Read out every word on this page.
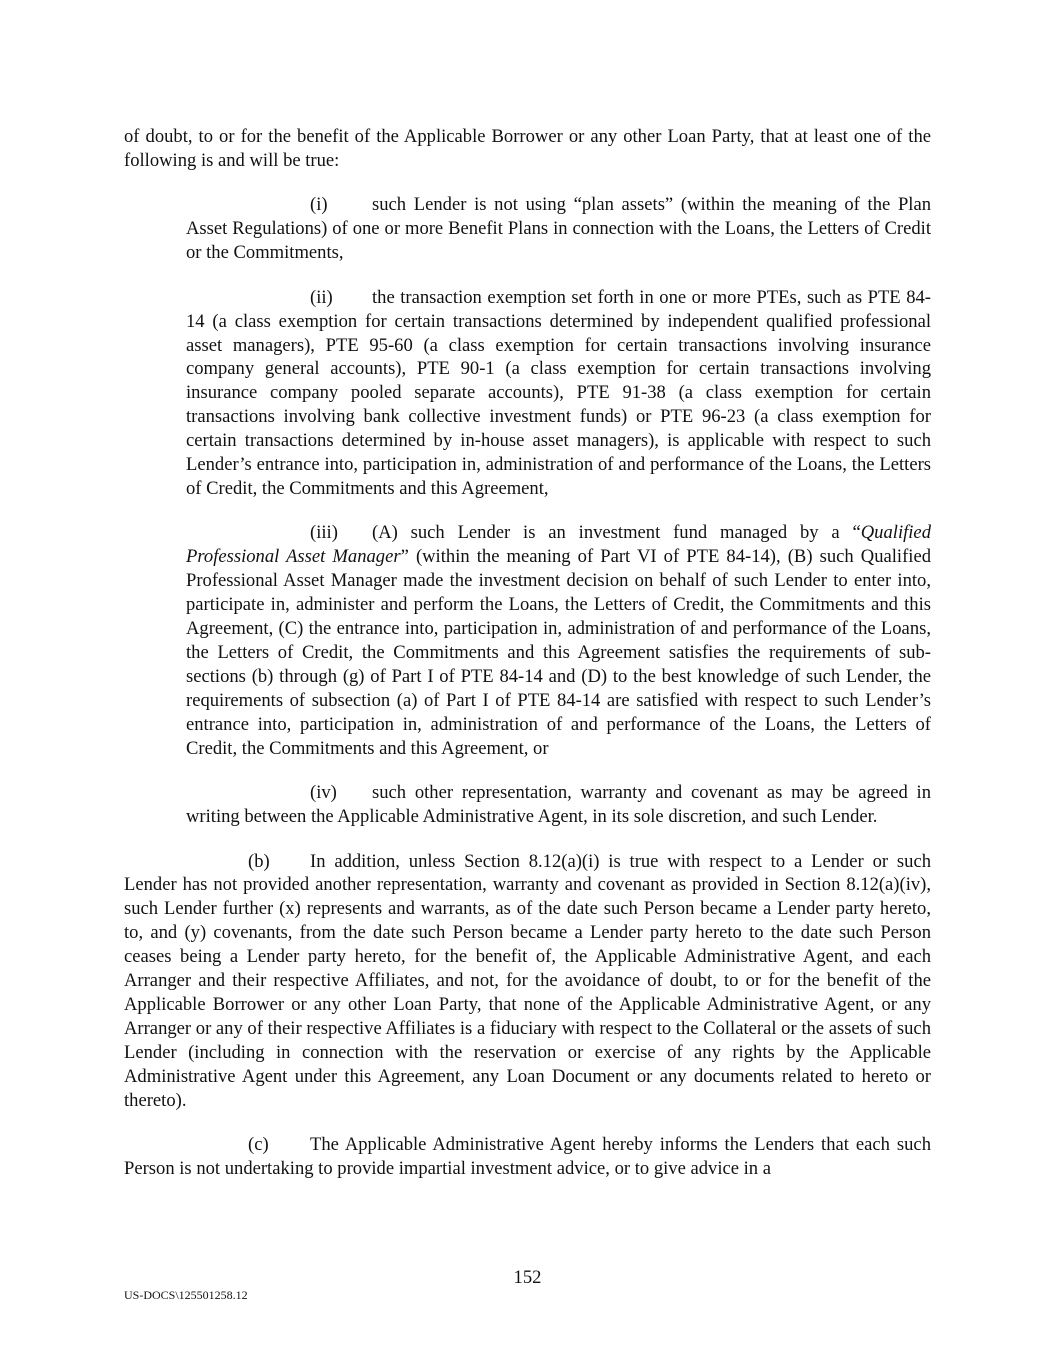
of doubt, to or for the benefit of the Applicable Borrower or any other Loan Party, that at least one of the following is and will be true:

(i) such Lender is not using “plan assets” (within the meaning of the Plan Asset Regulations) of one or more Benefit Plans in connection with the Loans, the Letters of Credit or the Commitments,

(ii) the transaction exemption set forth in one or more PTEs, such as PTE 84-14 (a class exemption for certain transactions determined by independent qualified professional asset managers), PTE 95-60 (a class exemption for certain transactions involving insurance company general accounts), PTE 90-1 (a class exemption for certain transactions involving insurance company pooled separate accounts), PTE 91-38 (a class exemption for certain transactions involving bank collective investment funds) or PTE 96-23 (a class exemption for certain transactions determined by in-house asset managers), is applicable with respect to such Lender’s entrance into, participation in, administration of and performance of the Loans, the Letters of Credit, the Commitments and this Agreement,

(iii) (A) such Lender is an investment fund managed by a “Qualified Professional Asset Manager” (within the meaning of Part VI of PTE 84-14), (B) such Qualified Professional Asset Manager made the investment decision on behalf of such Lender to enter into, participate in, administer and perform the Loans, the Letters of Credit, the Commitments and this Agreement, (C) the entrance into, participation in, administration of and performance of the Loans, the Letters of Credit, the Commitments and this Agreement satisfies the requirements of sub-sections (b) through (g) of Part I of PTE 84-14 and (D) to the best knowledge of such Lender, the requirements of subsection (a) of Part I of PTE 84-14 are satisfied with respect to such Lender’s entrance into, participation in, administration of and performance of the Loans, the Letters of Credit, the Commitments and this Agreement, or

(iv) such other representation, warranty and covenant as may be agreed in writing between the Applicable Administrative Agent, in its sole discretion, and such Lender.

(b) In addition, unless Section 8.12(a)(i) is true with respect to a Lender or such Lender has not provided another representation, warranty and covenant as provided in Section 8.12(a)(iv), such Lender further (x) represents and warrants, as of the date such Person became a Lender party hereto, to, and (y) covenants, from the date such Person became a Lender party hereto to the date such Person ceases being a Lender party hereto, for the benefit of, the Applicable Administrative Agent, and each Arranger and their respective Affiliates, and not, for the avoidance of doubt, to or for the benefit of the Applicable Borrower or any other Loan Party, that none of the Applicable Administrative Agent, or any Arranger or any of their respective Affiliates is a fiduciary with respect to the Collateral or the assets of such Lender (including in connection with the reservation or exercise of any rights by the Applicable Administrative Agent under this Agreement, any Loan Document or any documents related to hereto or thereto).

(c) The Applicable Administrative Agent hereby informs the Lenders that each such Person is not undertaking to provide impartial investment advice, or to give advice in a

152
US-DOCS\125501258.12
